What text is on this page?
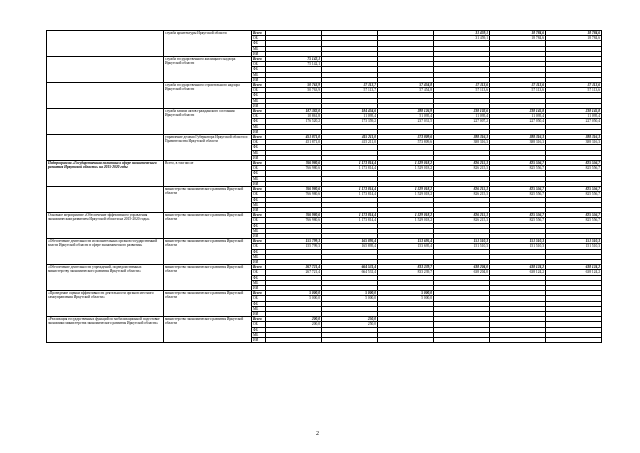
	служба архитектуры Иркутской области	Всего				31 459,1	18 784,6	18 784,6
		ОБ				31 459,1	18 784,6	18 784,6
		ФБ						
		МБ						
		ИИ						
	служба государственного жилищного надзора Иркутской области	Всего	75 142,1					
		ОБ	75 142,1					
		ФБ						
		МБ						
		ИИ						
	служба государственного строительного надзора Иркутской области	Всего	50 763,9	57 113,7	57 454,8	57 113,6	57 113,6	57 113,6
		ОБ	50 763,9	57 113,7	57 454,8	57 113,6	57 113,6	57 113,6
		ФБ						
		МБ						
		ИИ						
	служба записи актов гражданского состояния Иркутской области	Всего	187 382,0	184 454,6	288 126,9	238 102,6	238 145,8	238 145,8
		ОБ	10 861,8	11 095,4	51 095,4	11 095,4	11 095,4	11 095,4
		ФБ	176 520,2	173 359,2	237 031,5	227 007,2	227 050,4	227 050,4
		МБ						
		ИИ						
	управление делами Губернатора Иркутской области и Правительства Иркутской области	Всего	451 871,0	415 211,0	573 809,6	388 316,3	388 316,3	388 316,3
		ОБ	451 871,0	415 211,0	573 809,6	388 316,3	388 316,3	388 316,3
		ФБ						
		МБ						
		ИИ						
Подпрограмма «Государственная политика в сфере экономического развития Иркутской области» на 2015-2020 годы	Всего, в том числе	Всего	766 980,6	1 173 814,4	1 529 018,2	826 215,3	825 556,7	825 556,7
		ОБ	766 980,6	1 173 814,4	1 529 018,2	826 215,3	825 556,7	825 556,7
		ФБ						
		МБ						
		ИИ						
	министерство экономического развития Иркутской области	Всего	766 980,6	1 173 814,4	1 529 018,2	826 215,3	825 556,7	825 556,7
		ОБ	766 980,6	1 173 814,4	1 529 018,2	826 215,3	825 556,7	825 556,7
		ФБ						
		МБ						
		ИИ						
Основное мероприятие «Обеспечение эффективного управления экономическим развитием Иркутской области на 2015-2020 годы»	министерство экономического развития Иркутской области	Всего	766 980,6	1 173 814,4	1 529 018,2	826 215,3	825 556,7	825 556,7
		ОБ	766 980,6	1 173 814,4	1 529 018,2	826 215,3	825 556,7	825 556,7
		ФБ						
		МБ						
		ИИ						
«Обеспечение деятельности исполнительных органов государственной власти Иркутской области в сфере экономического развития»	министерство экономического развития Иркутской области	Всего	155 799,3	165 895,4	153 695,4	151 510,3	151 510,3	151 510,3
		ОБ	155 799,3	165 895,4	153 695,4	151 510,3	151 510,3	151 510,3
		ФБ						
		МБ						
		ИИ						
«Обеспечение деятельности учреждений, подведомственных министерству экономического развития Иркутской области»	министерство экономического развития Иркутской области	Всего	267 721,4	664 531,4	833 239,7	638 204,0	638 124,2	638 124,2
		ОБ	267 721,4	664 531,4	833 239,7	638 204,0	638 124,2	638 124,2
		ФБ						
		МБ						
		ИИ						
«Проведение оценки эффективности деятельности органов местного самоуправления Иркутской области»	министерство экономического развития Иркутской области	Всего	5 000,0	5 000,0	5 000,0			
		ОБ	5 000,0	5 000,0	5 000,0			
		ФБ						
		МБ						
		ИИ						
«Реализация государственных функций по мобилизационной подготовке экономики министерства экономического развития Иркутской области»	министерство экономического развития Иркутской области	Всего	200,0	250,0				
		ОБ	200,0	250,0				
		ФБ						
		МБ						
		ИИ						
2
